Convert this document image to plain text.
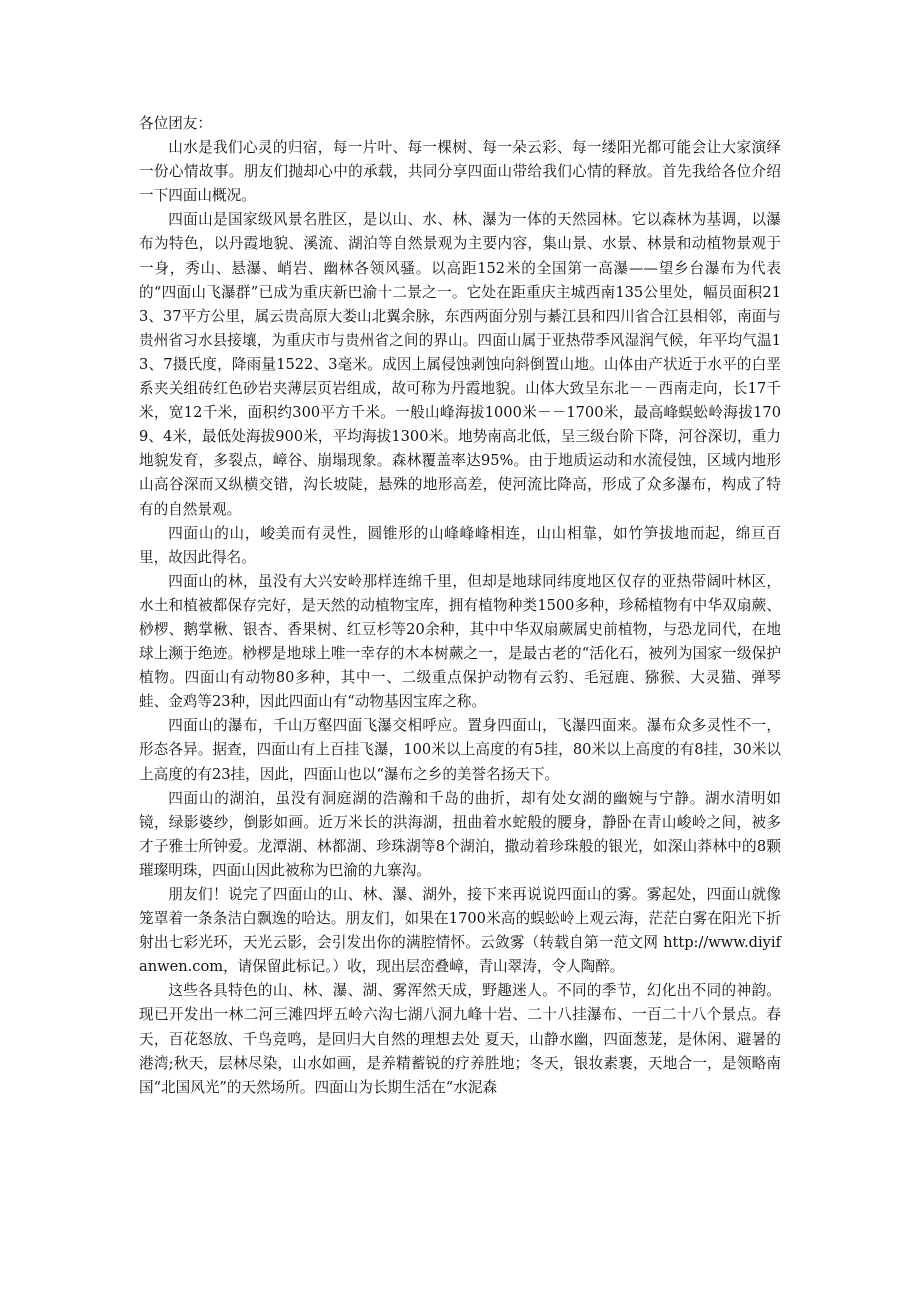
各位团友：

山水是我们心灵的归宿，每一片叶、每一棵树、每一朵云彩、每一缕阳光都可能会让大家演绎一份心情故事。朋友们抛却心中的承载，共同分享四面山带给我们心情的释放。首先我给各位介绍一下四面山概况。

四面山是国家级风景名胜区，是以山、水、林、瀑为一体的天然园林。它以森林为基调，以瀑布为特色，以丹霞地貌、溪流、湖泊等自然景观为主要内容，集山景、水景、林景和动植物景观于一身，秀山、悬瀑、峭岩、幽林各领风骚。以高距152米的全国第一高瀑——望乡台瀑布为代表的“四面山飞瀑群”已成为重庆新巴渝十二景之一。它处在距重庆主城西南135公里处，幅员面积213、37平方公里，属云贵高原大娄山北翼余脉，东西两面分别与綦江县和四川省合江县相邻，南面与贵州省习水县接壤，为重庆市与贵州省之间的界山。四面山属于亚热带季风湿润气候，年平均气温13、7摄氏度，降雨量1522、3毫米。成因上属侵蚀剥蚀向斜倒置山地。山体由产状近于水平的白垩系夹关组砖红色砂岩夹薄层页岩组成，故可称为丹霞地貌。山体大致呈东北－－西南走向，长17千米，宽12千米，面积约300平方千米。一般山峰海拔1000米－－1700米，最高峰蜈蚣岭海拔1709、4米，最低处海拔900米，平均海拔1300米。地势南高北低，呈三级台阶下降，河谷深切，重力地貌发育，多裂点，嶂谷、崩塌现象。森林覆盖率达95%。由于地质运动和水流侵蚀，区域内地形山高谷深而又纵横交错，沟长坡陡，悬殊的地形高差，使河流比降高，形成了众多瀑布，构成了特有的自然景观。

四面山的山，峻美而有灵性，圆锥形的山峰峰峰相连，山山相靠，如竹笋拔地而起，绵亘百里，故因此得名。

四面山的林，虽没有大兴安岭那样连绵千里，但却是地球同纬度地区仅存的亚热带阔叶林区，水土和植被都保存完好，是天然的动植物宝库，拥有植物种类1500多种，珍稀植物有中华双扇蕨、桫椤、鹅掌楸、银杏、香果树、红豆杉等20余种，其中中华双扇蕨属史前植物，与恐龙同代，在地球上濒于绝迹。桫椤是地球上唯一幸存的木本树蕨之一，是最古老的“活化石，被列为国家一级保护植物。四面山有动物80多种，其中一、二级重点保护动物有云豹、毛冠鹿、猕猴、大灵猫、弹琴蛙、金鸡等23种，因此四面山有“动物基因宝库之称。

四面山的瀑布，千山万壑四面飞瀑交相呼应。置身四面山，飞瀑四面来。瀑布众多灵性不一，形态各异。据查，四面山有上百挂飞瀑，100米以上高度的有5挂，80米以上高度的有8挂，30米以上高度的有23挂，因此，四面山也以“瀑布之乡的美誉名扬天下。

四面山的湖泊，虽没有洞庭湖的浩瀚和千岛的曲折，却有处女湖的幽婉与宁静。湖水清明如镜，绿影婆纱，倒影如画。近万米长的洪海湖，扭曲着水蛇般的腰身，静卧在青山峻岭之间，被多才子雅士所钟爱。龙潭湖、林都湖、珍珠湖等8个湖泊，撒动着珍珠般的银光，如深山莽林中的8颗璀璨明珠，四面山因此被称为巴渝的九寨沟。

朋友们！说完了四面山的山、林、瀑、湖外，接下来再说说四面山的雾。雾起处，四面山就像笼罩着一条条洁白飘逸的哈达。朋友们，如果在1700米高的蜈蚣岭上观云海，茫茫白雾在阳光下折射出七彩光环，天光云影，会引发出你的满腔情怀。云敛雾（转载自第一范文网 http://www.diyifanwen.com，请保留此标记。）收，现出层峦叠嶂，青山翠涛，令人陶醉。

这些各具特色的山、林、瀑、湖、雾浑然天成，野趣迷人。不同的季节，幻化出不同的神韵。现已开发出一林二河三滩四坪五岭六沟七湖八洞九峰十岩、二十八挂瀑布、一百二十八个景点。春天，百花怒放、千鸟竞鸣，是回归大自然的理想去处 夏天，山静水幽，四面葱茏，是休闲、避暑的港湾;秋天，层林尽染，山水如画，是养精蓄锐的疗养胜地；冬天，银妆素裹，天地合一，是领略南国“北国风光”的天然场所。四面山为长期生活在“水泥森
